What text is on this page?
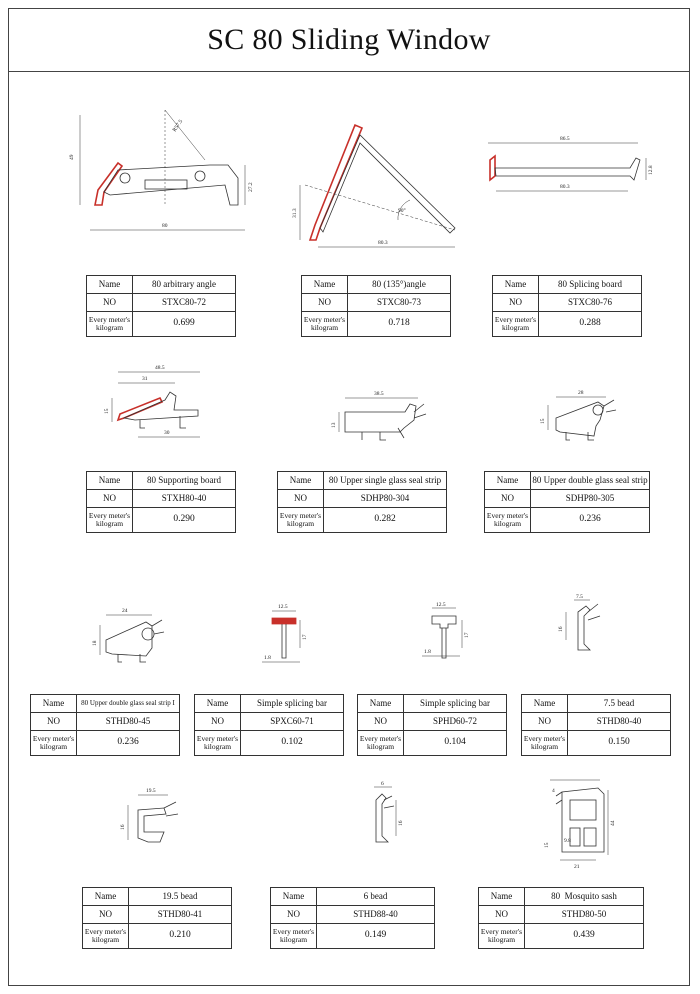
SC 80 Sliding Window
49
R57.5
27.2
80
31.3
80.3
90°
86.5
12.8
80.3
48.5
31
15
30
38.5
13
28
15
24
18
12.5
17
1.8
12.5
17
1.8
7.5
16
19.5
16
6
16
4
44
15
9.8
21
Name	80 arbitrary angle
NO	STXC80-72
Every meter's kilogram	0.699
Name	80 (135°)angle
NO	STXC80-73
Every meter's kilogram	0.718
Name	80 Splicing board
NO	STXC80-76
Every meter's kilogram	0.288
Name	80 Supporting board
NO	STXH80-40
Every meter's kilogram	0.290
Name	80 Upper single glass seal strip
NO	SDHP80-304
Every meter's kilogram	0.282
Name	80 Upper double glass seal strip
NO	SDHP80-305
Every meter's kilogram	0.236
Name	80 Upper double glass seal strip I
NO	STHD80-45
Every meter's kilogram	0.236
Name	Simple splicing bar
NO	SPXC60-71
Every meter's kilogram	0.102
Name	Simple splicing bar
NO	SPHD60-72
Every meter's kilogram	0.104
Name	7.5 bead
NO	STHD80-40
Every meter's kilogram	0.150
Name	19.5 bead
NO	STHD80-41
Every meter's kilogram	0.210
Name	6 bead
NO	STHD88-40
Every meter's kilogram	0.149
Name	80  Mosquito sash
NO	STHD80-50
Every meter's kilogram	0.439
